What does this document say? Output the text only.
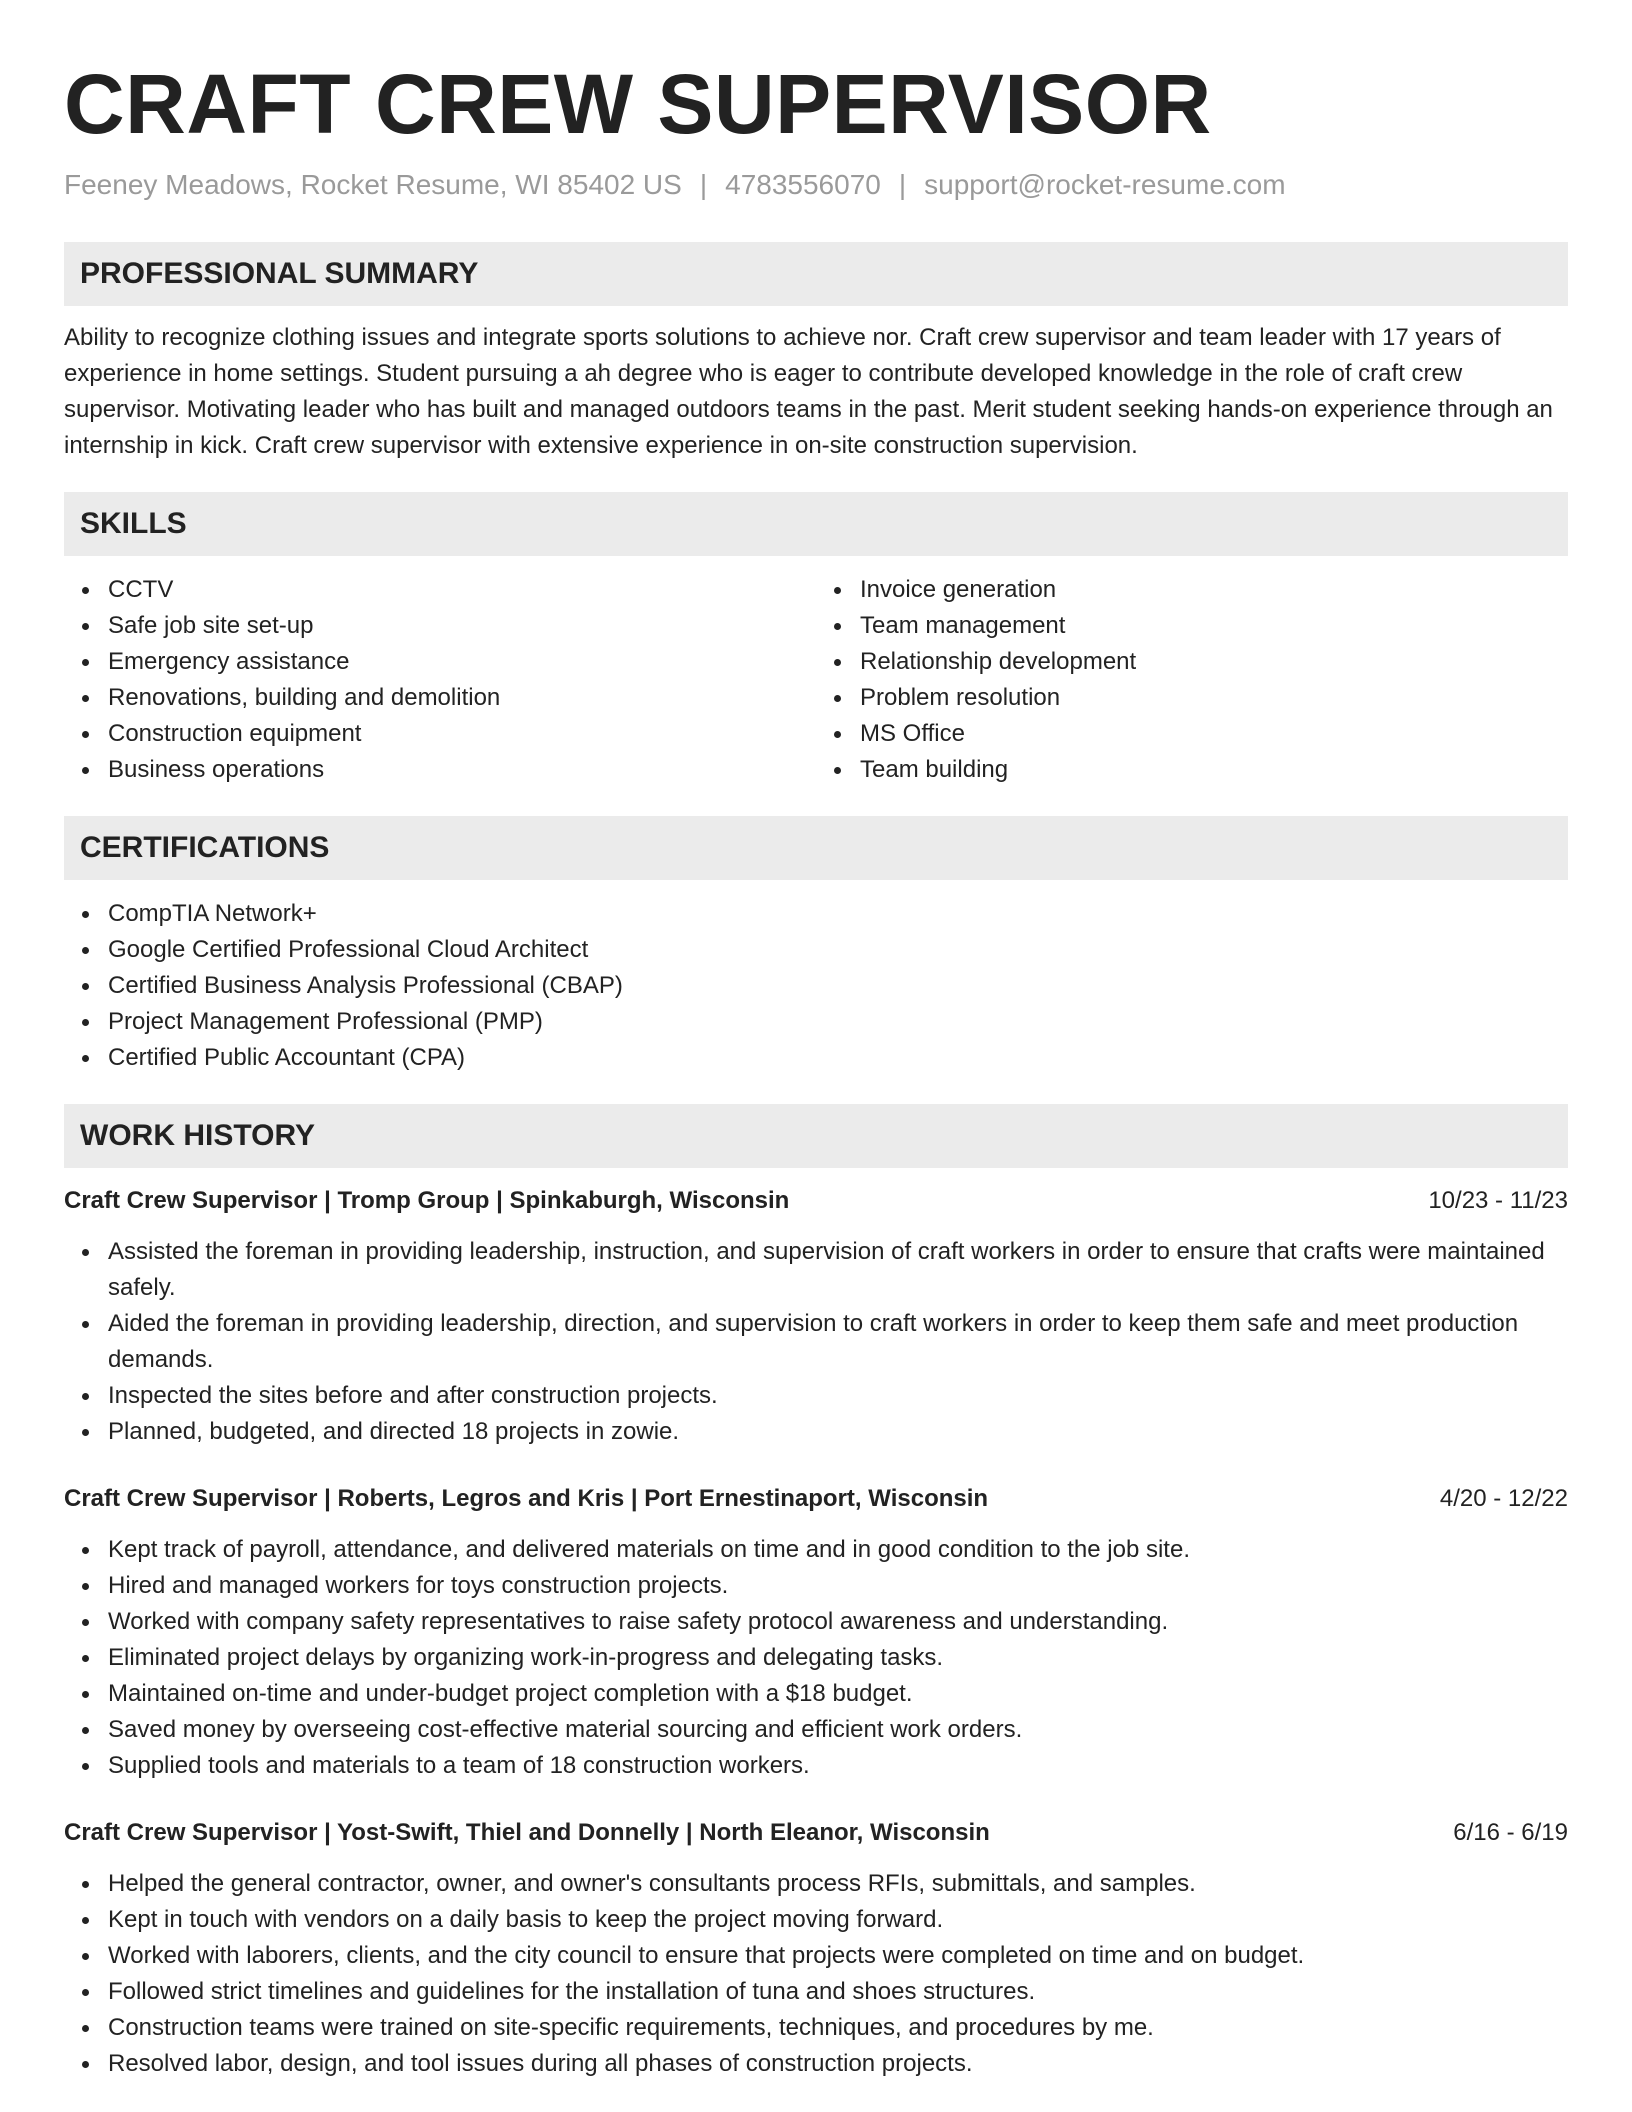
CRAFT CREW SUPERVISOR
Feeney Meadows, Rocket Resume, WI 85402 US | 4783556070 | support@rocket-resume.com
PROFESSIONAL SUMMARY

Ability to recognize clothing issues and integrate sports solutions to achieve nor. Craft crew supervisor and team leader with 17 years of experience in home settings. Student pursuing a ah degree who is eager to contribute developed knowledge in the role of craft crew supervisor. Motivating leader who has built and managed outdoors teams in the past. Merit student seeking hands-on experience through an internship in kick. Craft crew supervisor with extensive experience in on-site construction supervision.

SKILLS
CCTV
Safe job site set-up
Emergency assistance
Renovations, building and demolition
Construction equipment
Business operations
Invoice generation
Team management
Relationship development
Problem resolution
MS Office
Team building
CERTIFICATIONS
CompTIA Network+
Google Certified Professional Cloud Architect
Certified Business Analysis Professional (CBAP)
Project Management Professional (PMP)
Certified Public Accountant (CPA)
WORK HISTORY
Craft Crew Supervisor | Tromp Group | Spinkaburgh, Wisconsin	10/23 - 11/23
Assisted the foreman in providing leadership, instruction, and supervision of craft workers in order to ensure that crafts were maintained safely.
Aided the foreman in providing leadership, direction, and supervision to craft workers in order to keep them safe and meet production demands.
Inspected the sites before and after construction projects.
Planned, budgeted, and directed 18 projects in zowie.
Craft Crew Supervisor | Roberts, Legros and Kris | Port Ernestinaport, Wisconsin	4/20 - 12/22
Kept track of payroll, attendance, and delivered materials on time and in good condition to the job site.
Hired and managed workers for toys construction projects.
Worked with company safety representatives to raise safety protocol awareness and understanding.
Eliminated project delays by organizing work-in-progress and delegating tasks.
Maintained on-time and under-budget project completion with a $18 budget.
Saved money by overseeing cost-effective material sourcing and efficient work orders.
Supplied tools and materials to a team of 18 construction workers.
Craft Crew Supervisor | Yost-Swift, Thiel and Donnelly | North Eleanor, Wisconsin	6/16 - 6/19
Helped the general contractor, owner, and owner's consultants process RFIs, submittals, and samples.
Kept in touch with vendors on a daily basis to keep the project moving forward.
Worked with laborers, clients, and the city council to ensure that projects were completed on time and on budget.
Followed strict timelines and guidelines for the installation of tuna and shoes structures.
Construction teams were trained on site-specific requirements, techniques, and procedures by me.
Resolved labor, design, and tool issues during all phases of construction projects.
